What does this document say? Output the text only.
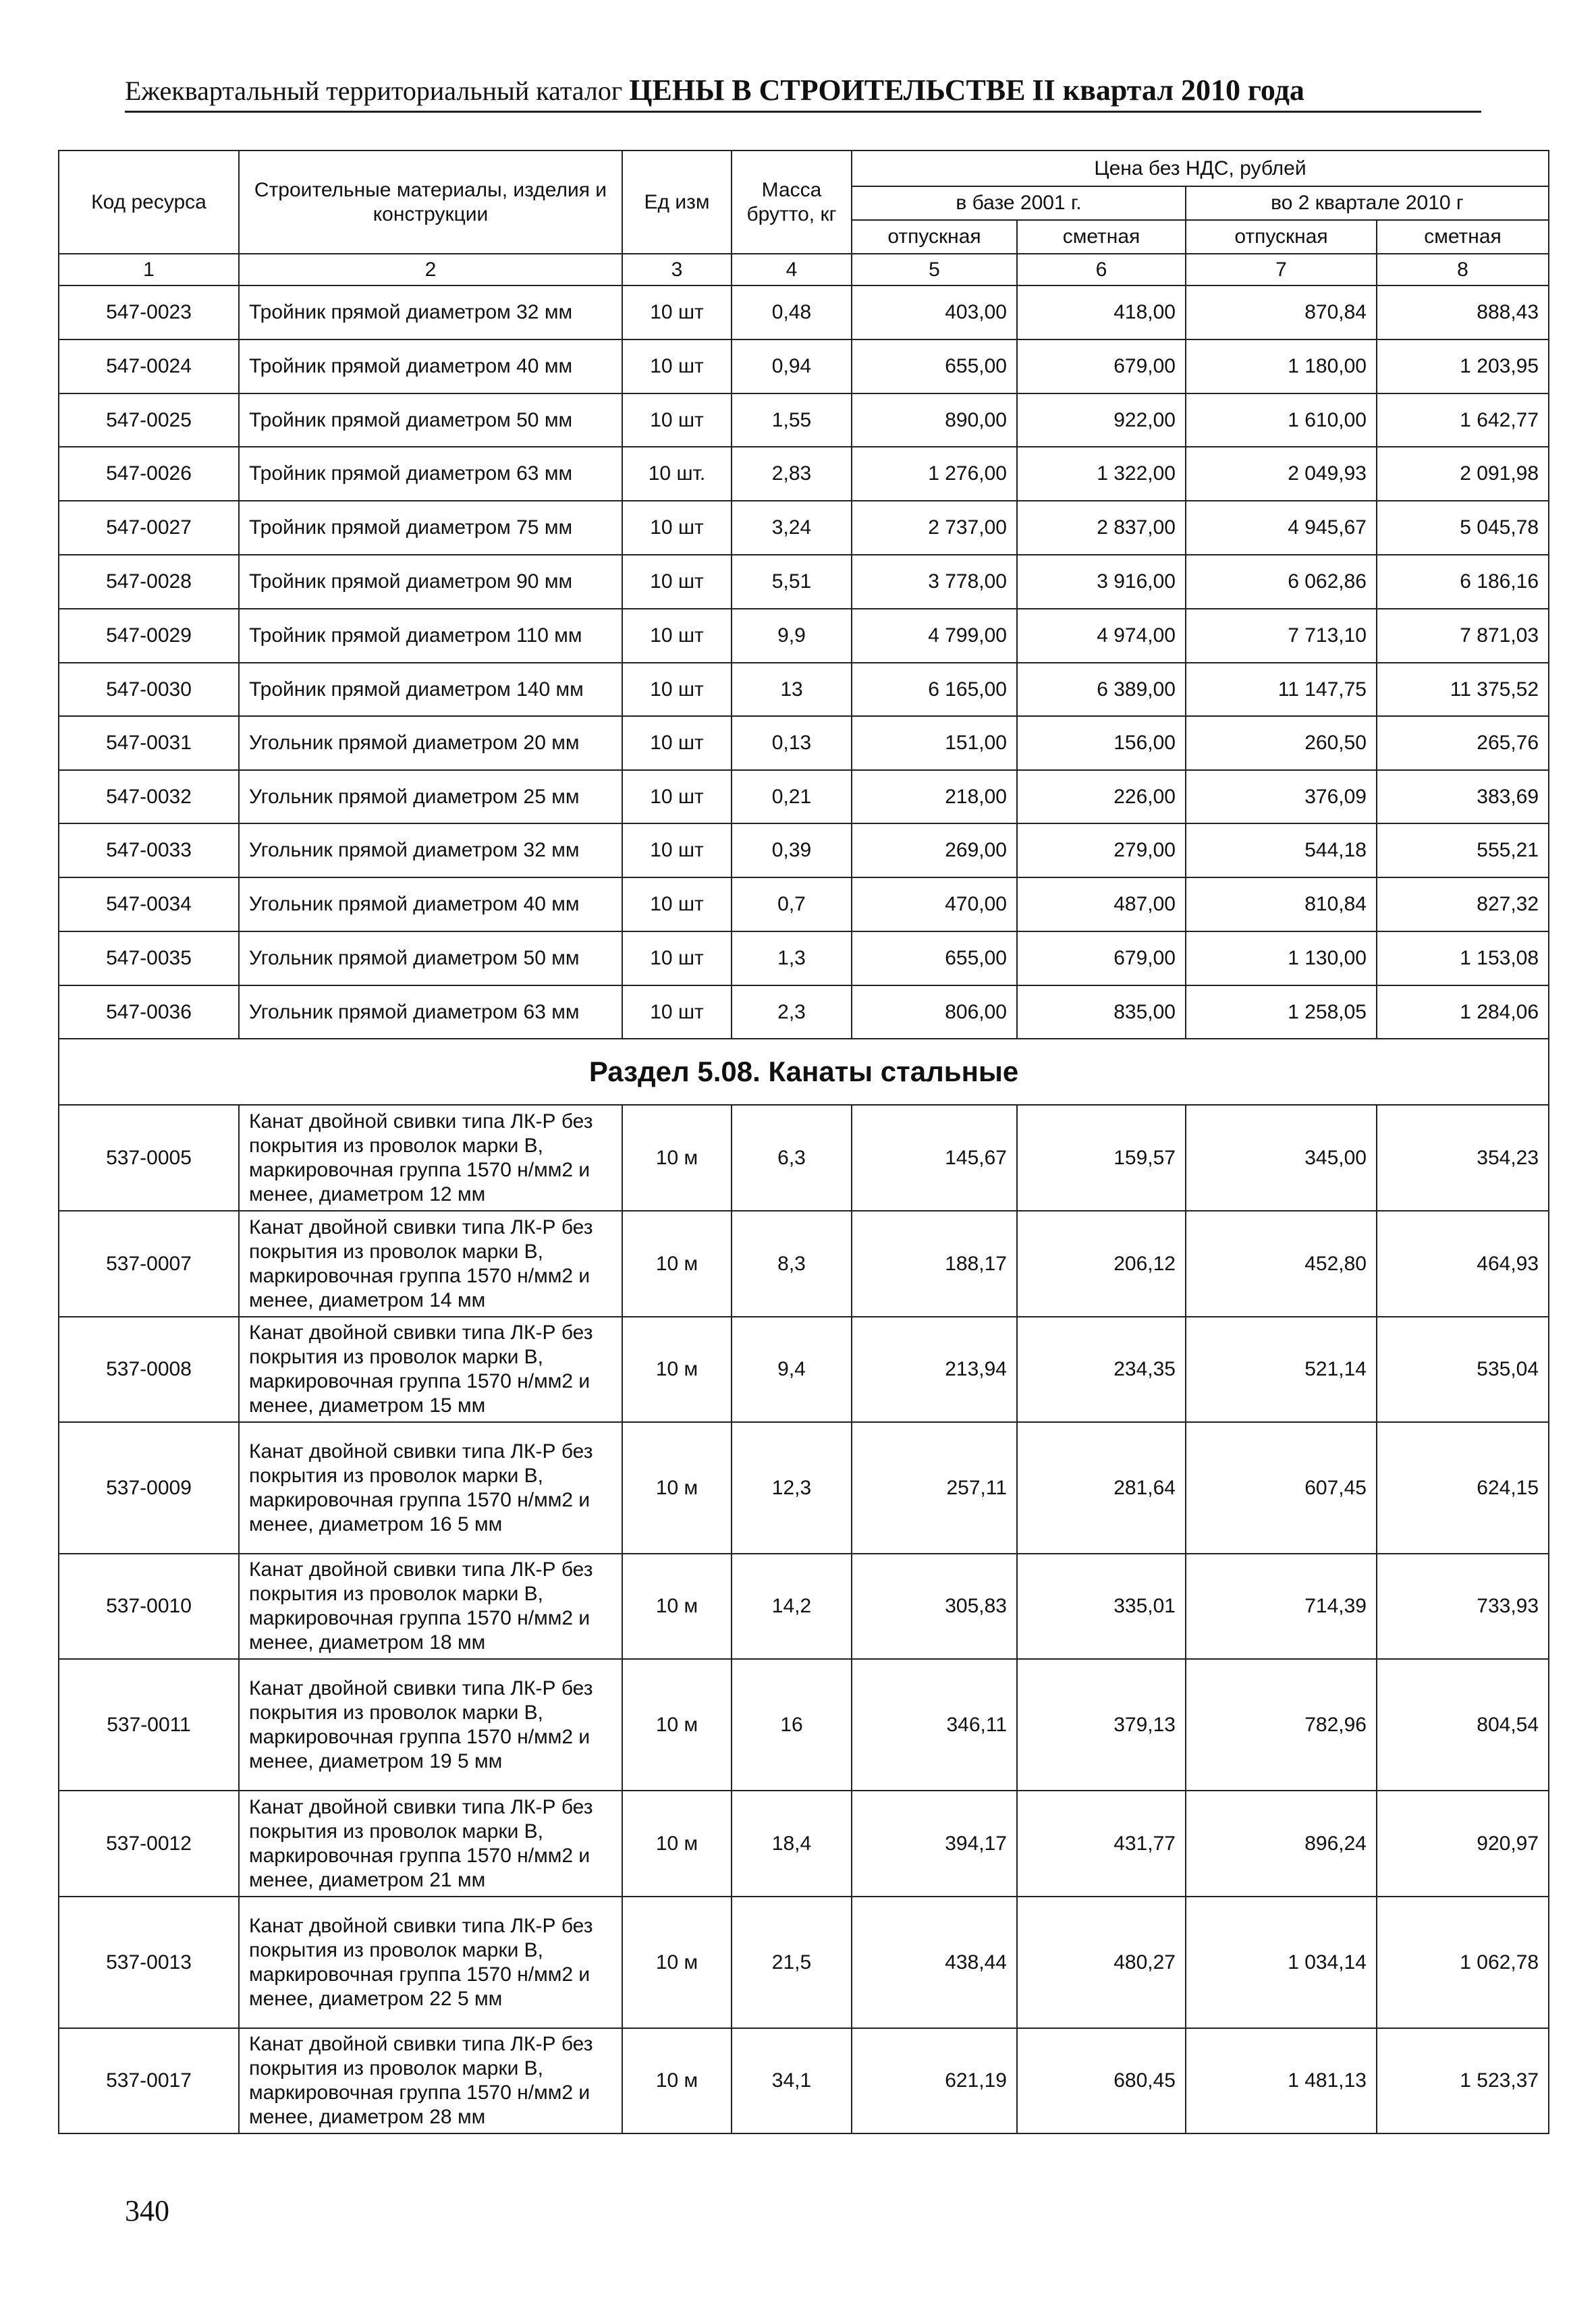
Ежеквартальный территориальный каталог ЦЕНЫ В СТРОИТЕЛЬСТВЕ II квартал 2010 года
Код ресурса	Строительные материалы, изделия и конструкции	Ед изм	Масса брутто, кг	Цена без НДС, рублей			
				в базе 2001 г.		во 2 квартале 2010 г	
				отпускная	сметная	отпускная	сметная
1	2	3	4	5	6	7	8
547-0023	Тройник прямой диаметром 32 мм	10 шт	0,48	403,00	418,00	870,84	888,43
547-0024	Тройник прямой диаметром 40 мм	10 шт	0,94	655,00	679,00	1 180,00	1 203,95
547-0025	Тройник прямой диаметром 50 мм	10 шт	1,55	890,00	922,00	1 610,00	1 642,77
547-0026	Тройник прямой диаметром 63 мм	10 шт.	2,83	1 276,00	1 322,00	2 049,93	2 091,98
547-0027	Тройник прямой диаметром 75 мм	10 шт	3,24	2 737,00	2 837,00	4 945,67	5 045,78
547-0028	Тройник прямой диаметром 90 мм	10 шт	5,51	3 778,00	3 916,00	6 062,86	6 186,16
547-0029	Тройник прямой диаметром 110 мм	10 шт	9,9	4 799,00	4 974,00	7 713,10	7 871,03
547-0030	Тройник прямой диаметром 140 мм	10 шт	13	6 165,00	6 389,00	11 147,75	11 375,52
547-0031	Угольник прямой диаметром 20 мм	10 шт	0,13	151,00	156,00	260,50	265,76
547-0032	Угольник прямой диаметром 25 мм	10 шт	0,21	218,00	226,00	376,09	383,69
547-0033	Угольник прямой диаметром 32 мм	10 шт	0,39	269,00	279,00	544,18	555,21
547-0034	Угольник прямой диаметром 40 мм	10 шт	0,7	470,00	487,00	810,84	827,32
547-0035	Угольник прямой диаметром 50 мм	10 шт	1,3	655,00	679,00	1 130,00	1 153,08
547-0036	Угольник прямой диаметром 63 мм	10 шт	2,3	806,00	835,00	1 258,05	1 284,06
Раздел 5.08. Канаты стальные							
537-0005	Канат двойной свивки типа ЛК-Р без покрытия из проволок марки В, маркировочная группа 1570 н/мм2 и менее, диаметром 12 мм	10 м	6,3	145,67	159,57	345,00	354,23
537-0007	Канат двойной свивки типа ЛК-Р без покрытия из проволок марки В, маркировочная группа 1570 н/мм2 и менее, диаметром 14 мм	10 м	8,3	188,17	206,12	452,80	464,93
537-0008	Канат двойной свивки типа ЛК-Р без покрытия из проволок марки В, маркировочная группа 1570 н/мм2 и менее, диаметром 15 мм	10 м	9,4	213,94	234,35	521,14	535,04
537-0009	Канат двойной свивки типа ЛК-Р без покрытия из проволок марки В, маркировочная группа 1570 н/мм2 и менее, диаметром 16 5 мм	10 м	12,3	257,11	281,64	607,45	624,15
537-0010	Канат двойной свивки типа ЛК-Р без покрытия из проволок марки В, маркировочная группа 1570 н/мм2 и менее, диаметром 18 мм	10 м	14,2	305,83	335,01	714,39	733,93
537-0011	Канат двойной свивки типа ЛК-Р без покрытия из проволок марки В, маркировочная группа 1570 н/мм2 и менее, диаметром 19 5 мм	10 м	16	346,11	379,13	782,96	804,54
537-0012	Канат двойной свивки типа ЛК-Р без покрытия из проволок марки В, маркировочная группа 1570 н/мм2 и менее, диаметром 21 мм	10 м	18,4	394,17	431,77	896,24	920,97
537-0013	Канат двойной свивки типа ЛК-Р без покрытия из проволок марки В, маркировочная группа 1570 н/мм2 и менее, диаметром 22 5 мм	10 м	21,5	438,44	480,27	1 034,14	1 062,78
537-0017	Канат двойной свивки типа ЛК-Р без покрытия из проволок марки В, маркировочная группа 1570 н/мм2 и менее, диаметром 28 мм	10 м	34,1	621,19	680,45	1 481,13	1 523,37
340
